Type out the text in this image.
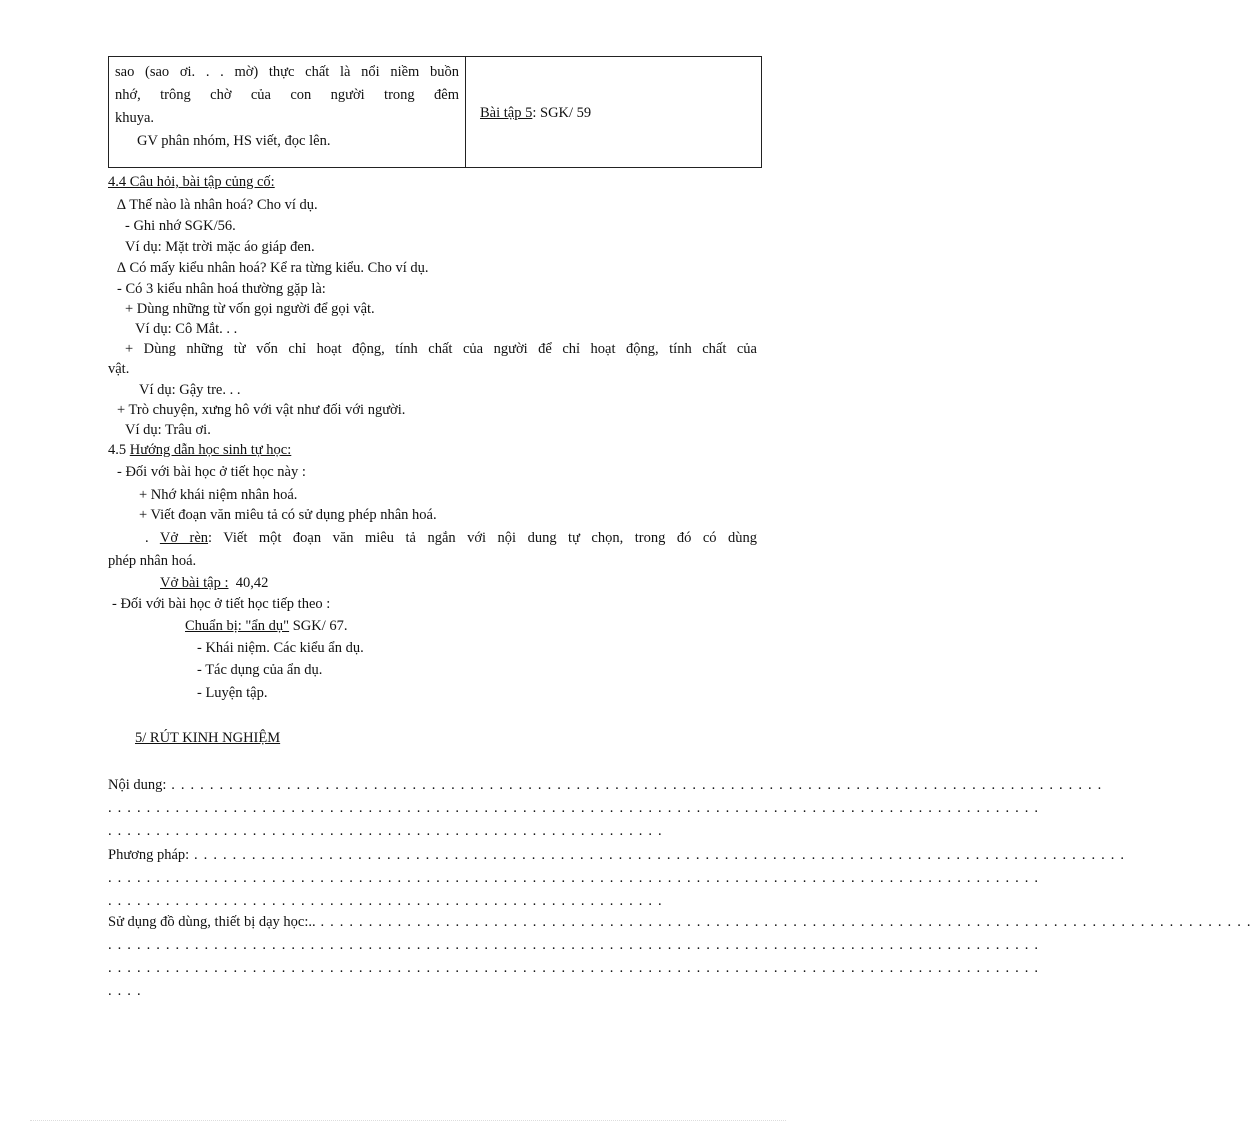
sao (sao ơi. . . mờ) thực chất là nổi niềm buồn
nhớ, trông chờ của con người trong đêm
khuya.
GV phân nhóm, HS viết, đọc lên.
Bài tập 5: SGK/ 59
4.4 Câu hỏi, bài tập củng cố:
∆ Thế nào là nhân hoá? Cho ví dụ.
- Ghi nhớ SGK/56.
Ví dụ: Mặt trời mặc áo giáp đen.
∆ Có mấy kiểu nhân hoá? Kể ra từng kiểu. Cho ví dụ.
- Có 3 kiểu nhân hoá thường gặp là:
+ Dùng những từ vốn gọi người để gọi vật.
Ví dụ: Cô Mắt. . .
+ Dùng những từ vốn chỉ hoạt động, tính chất của người để chỉ hoạt động, tính chất của
vật.
Ví dụ: Gậy tre. . .
+ Trò chuyện, xưng hô với vật như đối với người.
Ví dụ: Trâu ơi.
4.5 Hướng dẫn học sinh tự học:
- Đối với bài học ở tiết học này :
+ Nhớ khái niệm nhân hoá.
+ Viết đoạn văn miêu tả có sử dụng phép nhân hoá.
. Vở rèn: Viết một đoạn văn miêu tả ngắn với nội dung tự chọn, trong đó có dùng
phép nhân hoá.
Vở bài tập : 40,42
- Đối với bài học ở tiết học tiếp theo :
Chuẩn bị: "ẩn dụ" SGK/ 67.
- Khái niệm. Các kiểu ẩn dụ.
- Tác dụng của ẩn dụ.
- Luyện tập.
5/ RÚT KINH NGHIỆM
Nội dung: . . . . . . . . . . . . . . . . . . . . . . . . . . . . . . . . . . . . . . . . . . . . . . . . . . . . . . . . . . . . . . . . . . . . . . . . . . . . . . . . . . . . . . . . . . . . . . . . .
. . . . . . . . . . . . . . . . . . . . . . . . . . . . . . . . . . . . . . . . . . . . . . . . . . . . . . . . . . . . . . . . . . . . . . . . . . . . . . . . . . . . . . . . . . . . . . . . .
. . . . . . . . . . . . . . . . . . . . . . . . . . . . . . . . . . . . . . . . . . . . . . . . . . . . . . . . . .
Phương pháp: . . . . . . . . . . . . . . . . . . . . . . . . . . . . . . . . . . . . . . . . . . . . . . . . . . . . . . . . . . . . . . . . . . . . . . . . . . . . . . . . . . . . . . . . . . . . . . . . .
. . . . . . . . . . . . . . . . . . . . . . . . . . . . . . . . . . . . . . . . . . . . . . . . . . . . . . . . . . . . . . . . . . . . . . . . . . . . . . . . . . . . . . . . . . . . . . . . .
. . . . . . . . . . . . . . . . . . . . . . . . . . . . . . . . . . . . . . . . . . . . . . . . . . . . . . . . . .
Sử dụng đồ dùng, thiết bị dạy học:.. . . . . . . . . . . . . . . . . . . . . . . . . . . . . . . . . . . . . . . . . . . . . . . . . . . . . . . . . . . . . . . . . . . . . . . . . . . . . . . . . . . . . . . . . . . . . . . . . .
. . . . . . . . . . . . . . . . . . . . . . . . . . . . . . . . . . . . . . . . . . . . . . . . . . . . . . . . . . . . . . . . . . . . . . . . . . . . . . . . . . . . . . . . . . . . . . . . .
. . . . . . . . . . . . . . . . . . . . . . . . . . . . . . . . . . . . . . . . . . . . . . . . . . . . . . . . . . . . . . . . . . . . . . . . . . . . . . . . . . . . . . . . . . . . . . . . .
. . . .
